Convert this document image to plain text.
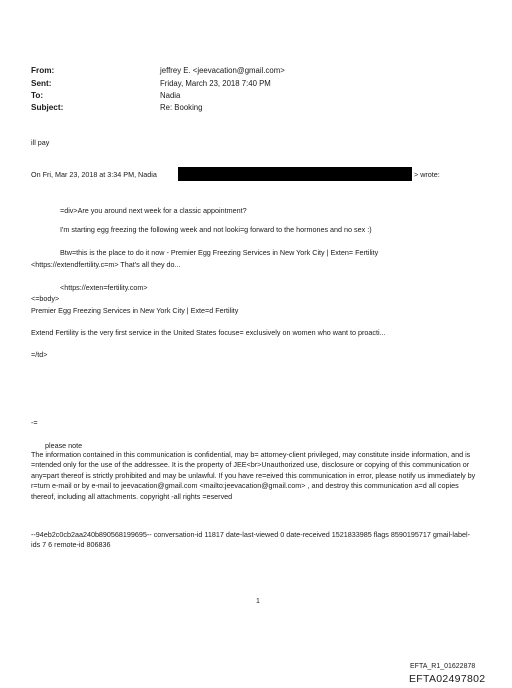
From:	jeffrey E. <jeevacation@gmail.com>
Sent:	Friday, March 23, 2018 7:40 PM
To:	Nadia
Subject:	Re: Booking
ill pay
On Fri, Mar 23, 2018 at 3:34 PM, Nadia	> wrote:
=div>Are you around next week for a classic appointment?
I'm starting egg freezing the following week and not looki=g forward to the hormones and no sex :)
Btw=this is the place to do it now - Premier Egg Freezing Services in New York City | Exten= Fertility
<https://extendfertility.c=m> That's all they do...
<https://exten=fertility.com>
<=body>
Premier Egg Freezing Services in New York City | Exte=d Fertility
Extend Fertility is the very first service in the United States focuse= exclusively on women who want to proacti...
=/td>
-=
please note
The information contained in this communication is confidential, may b= attorney-client privileged, may constitute inside information, and is =ntended only for the use of the addressee. It is the property of JEE<br>Unauthorized use, disclosure or copying of this communication or any=part thereof is strictly prohibited and may be unlawful. If you have re=eived this communication in error, please notify us immediately by r=turn e-mail or by e-mail to jeevacation@gmail.com <mailto:jeevacation@gmail.com> , and destroy this communication a=d all copies thereof, including all attachments. copyright -all rights =eserved
--94eb2c0cb2aa240b890568199695-- conversation-id 11817 date-last-viewed 0 date-received 1521833985 flags 8590195717 gmail-label-ids 7 6 remote-id 806836
1
EFTA_R1_01622878
EFTA02497802
